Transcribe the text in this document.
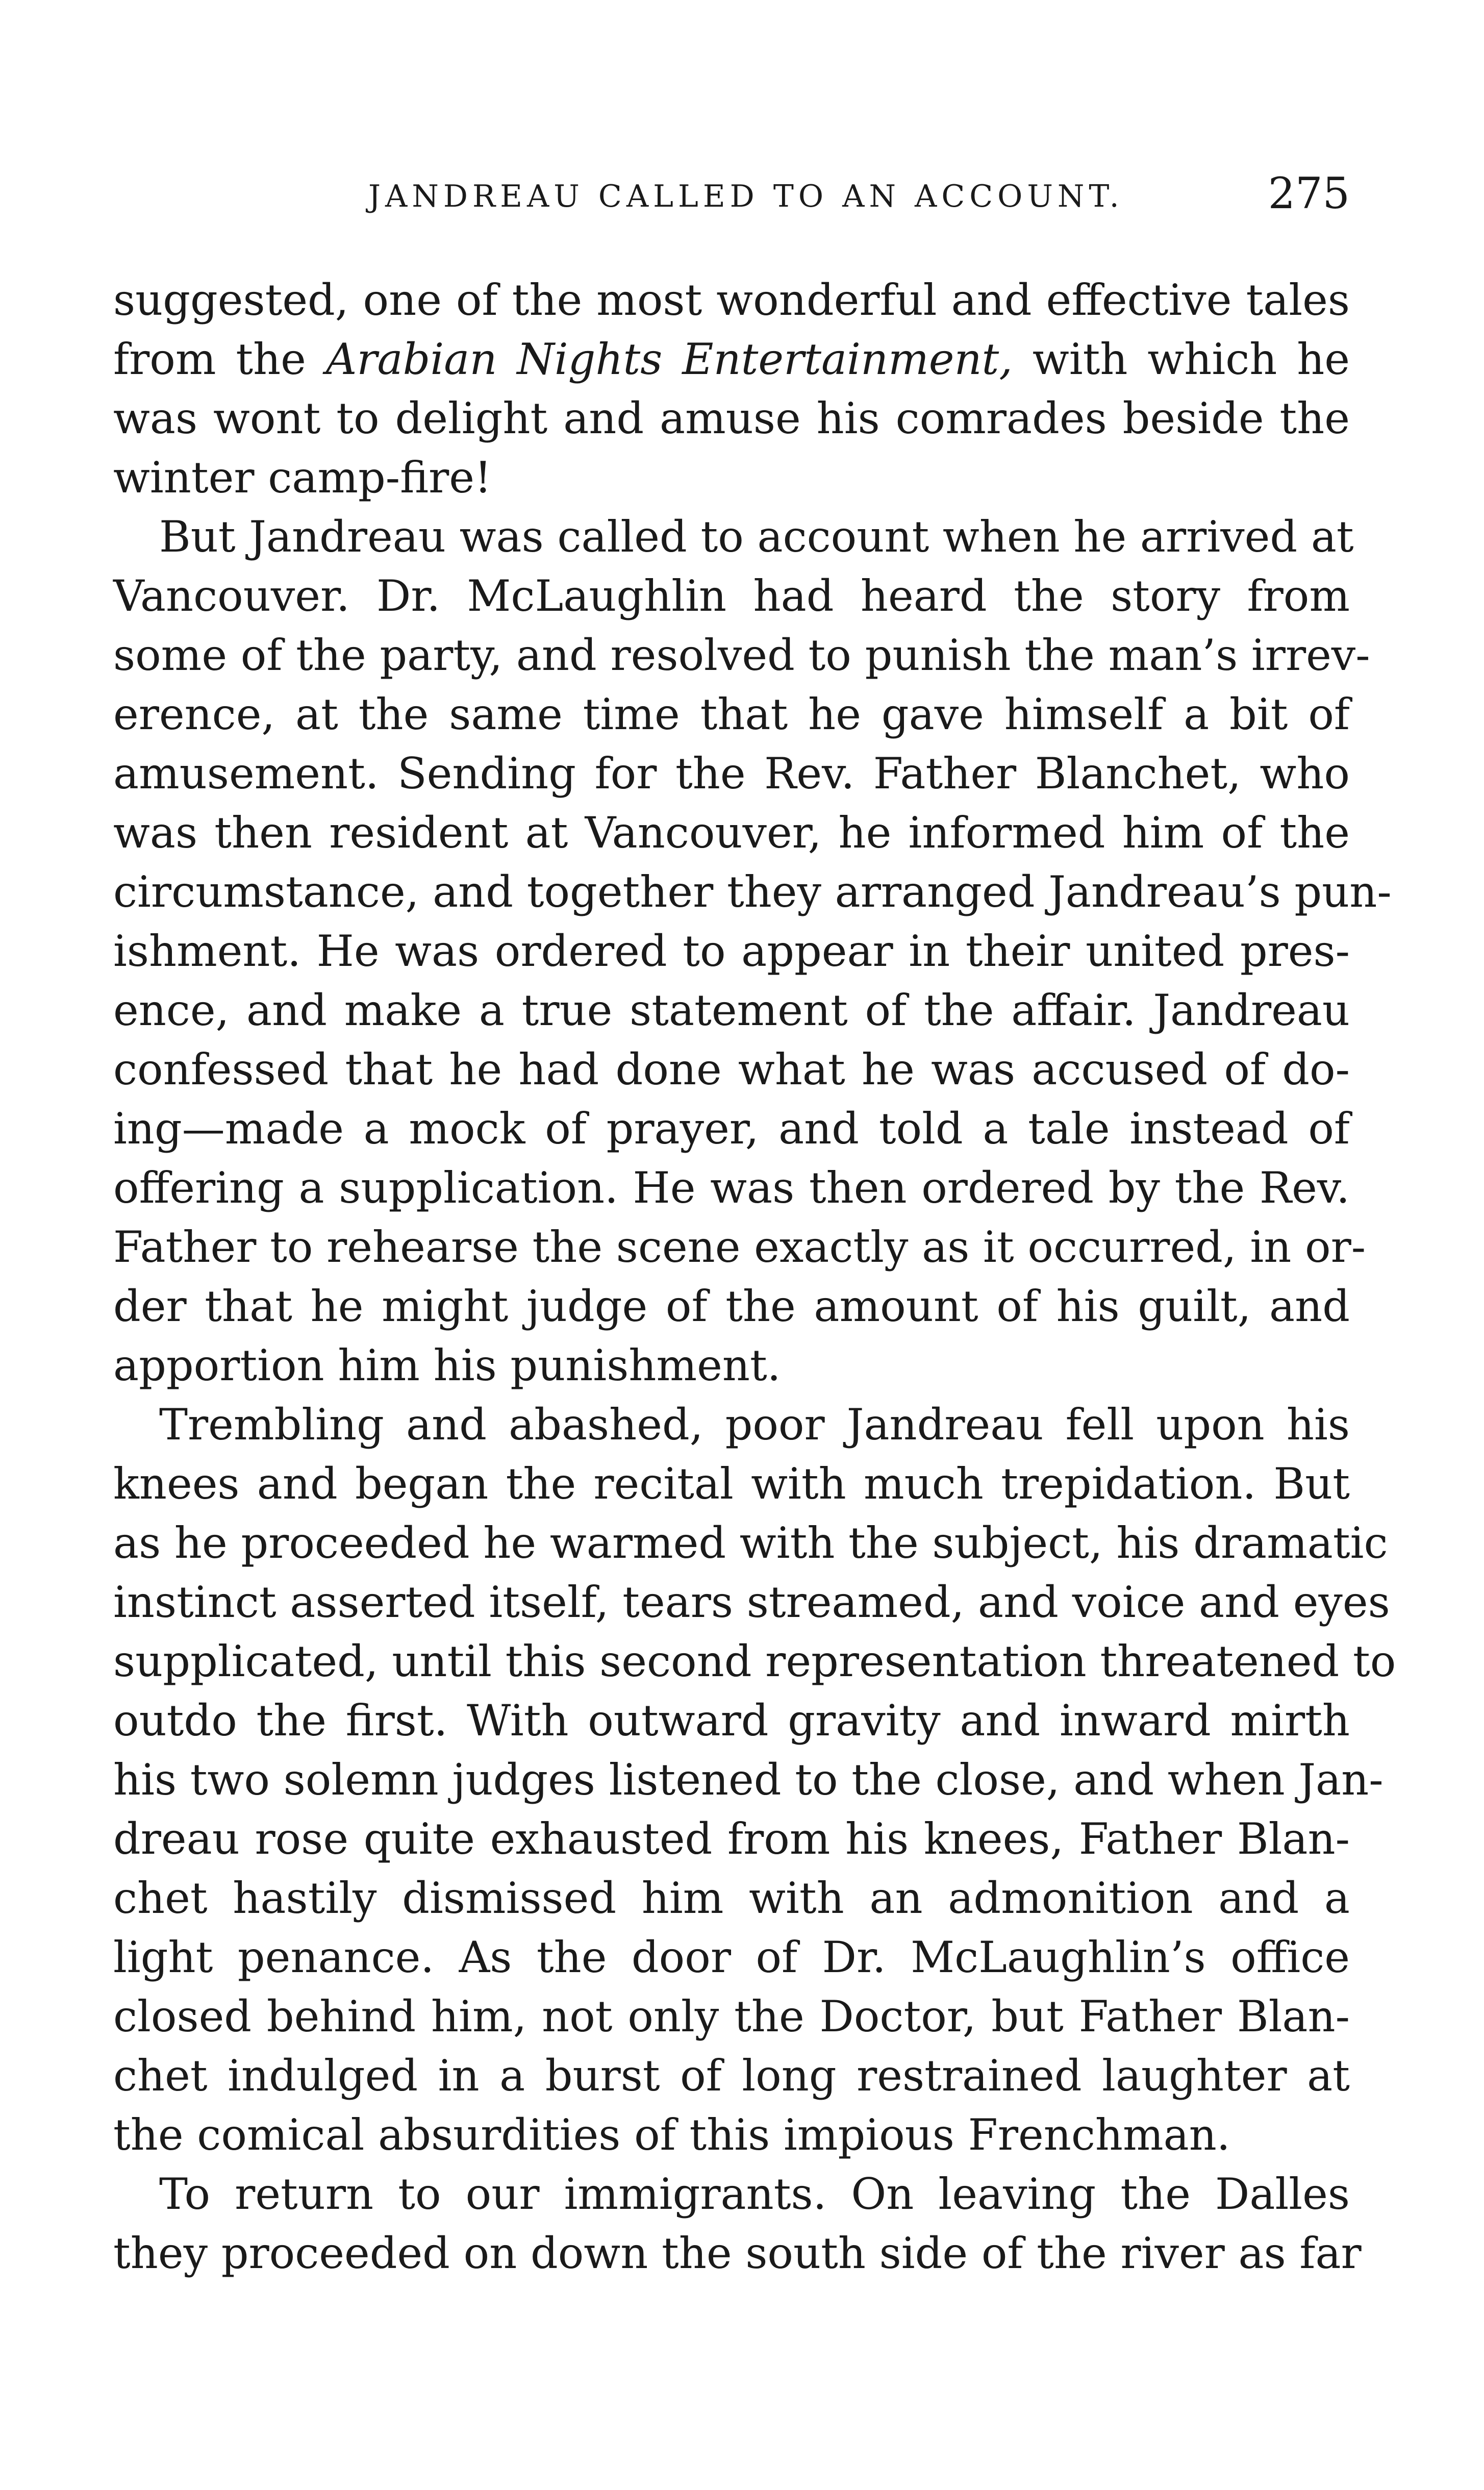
JANDREAU CALLED TO AN ACCOUNT.	275
suggested, one of the most wonderful and effective tales
from the Arabian Nights Entertainment, with which he
was wont to delight and amuse his comrades beside the
winter camp-fire!
But Jandreau was called to account when he arrived at
Vancouver. Dr. McLaughlin had heard the story from
some of the party, and resolved to punish the man’s irrev-
erence, at the same time that he gave himself a bit of
amusement. Sending for the Rev. Father Blanchet, who
was then resident at Vancouver, he informed him of the
circumstance, and together they arranged Jandreau’s pun-
ishment. He was ordered to appear in their united pres-
ence, and make a true statement of the affair. Jandreau
confessed that he had done what he was accused of do-
ing—made a mock of prayer, and told a tale instead of
offering a supplication. He was then ordered by the Rev.
Father to rehearse the scene exactly as it occurred, in or-
der that he might judge of the amount of his guilt, and
apportion him his punishment.
Trembling and abashed, poor Jandreau fell upon his
knees and began the recital with much trepidation. But
as he proceeded he warmed with the subject, his dramatic
instinct asserted itself, tears streamed, and voice and eyes
supplicated, until this second representation threatened to
outdo the first. With outward gravity and inward mirth
his two solemn judges listened to the close, and when Jan-
dreau rose quite exhausted from his knees, Father Blan-
chet hastily dismissed him with an admonition and a
light penance. As the door of Dr. McLaughlin’s office
closed behind him, not only the Doctor, but Father Blan-
chet indulged in a burst of long restrained laughter at
the comical absurdities of this impious Frenchman.
To return to our immigrants. On leaving the Dalles
they proceeded on down the south side of the river as far
